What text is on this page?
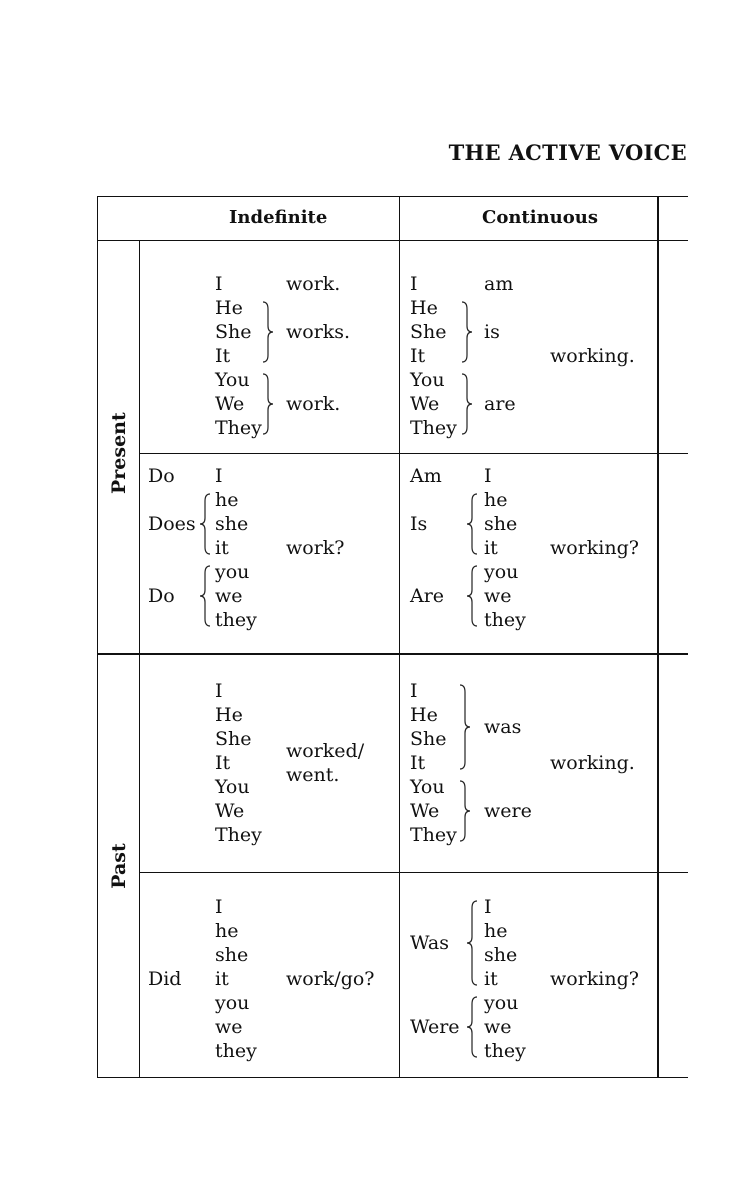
THE ACTIVE VOICE
Indefinite	Continuous
Present
Past
I
He
She
It
You
We
They
work.
works.
work.
I
He
She
It
You
We
They
am
is
are
working.
Do
Does
Do
I
he
she
it
you
we
they
work?
Am
Is
Are
I
he
she
it
you
we
they
working?
I
He
She
It
You
We
They
worked/
went.
I
He
She
It
You
We
They
was
were
working.
Did
I
he
she
it
you
we
they
work/go?
Was
Were
I
he
she
it
you
we
they
working?
